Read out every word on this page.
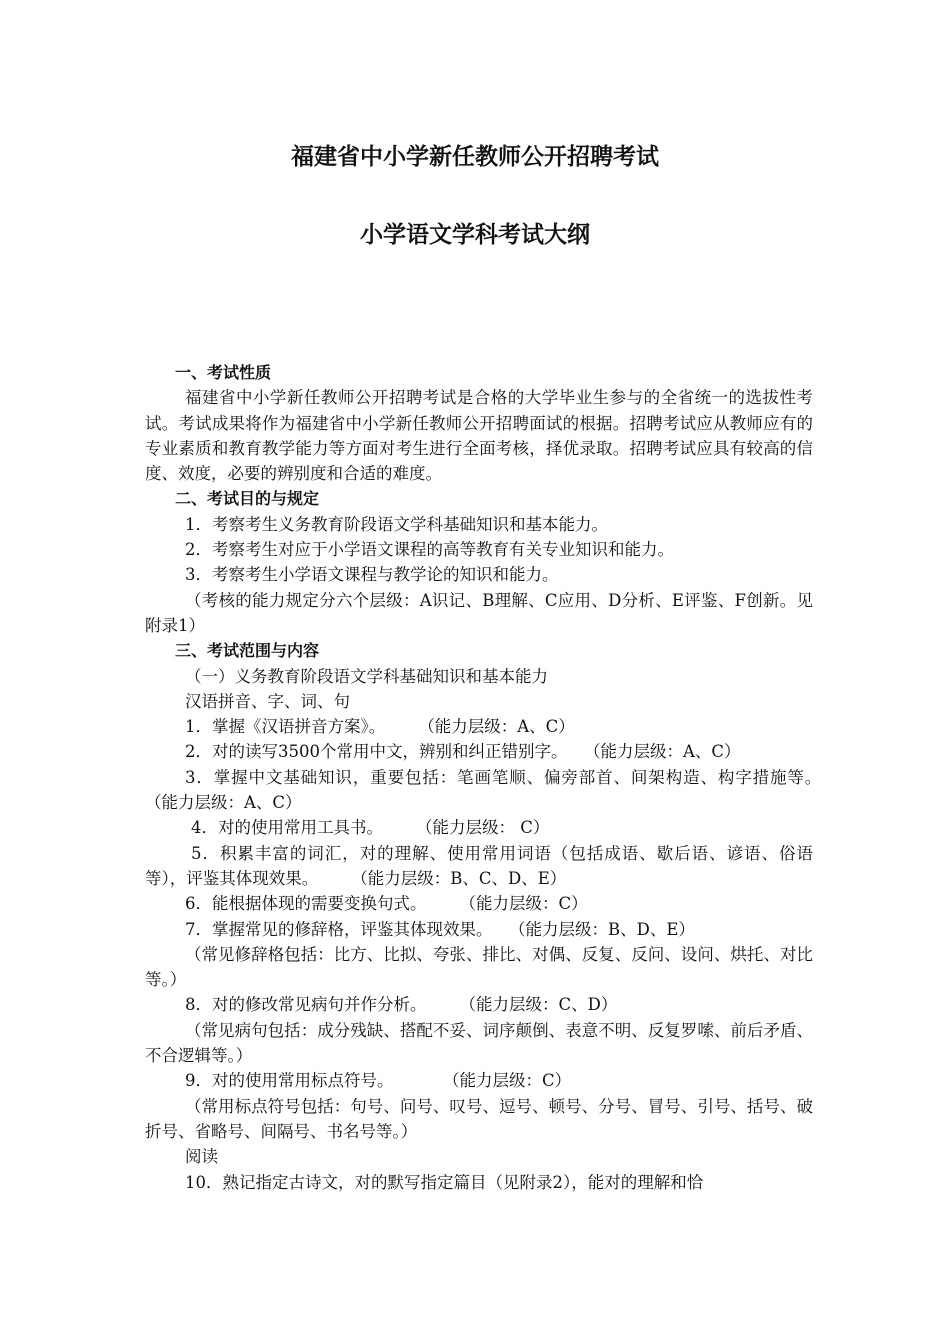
福建省中小学新任教师公开招聘考试
小学语文学科考试大纲

一、考试性质

福建省中小学新任教师公开招聘考试是合格的大学毕业生参与的全省统一的选拔性考试。考试成果将作为福建省中小学新任教师公开招聘面试的根据。招聘考试应从教师应有的专业素质和教育教学能力等方面对考生进行全面考核，择优录取。招聘考试应具有较高的信度、效度，必要的辨别度和合适的难度。

二、考试目的与规定

1．考察考生义务教育阶段语文学科基础知识和基本能力。

2．考察考生对应于小学语文课程的高等教育有关专业知识和能力。

3．考察考生小学语文课程与教学论的知识和能力。

（考核的能力规定分六个层级：A识记、B理解、C应用、D分析、E评鉴、F创新。见附录1）

三、考试范围与内容

（一）义务教育阶段语文学科基础知识和基本能力

汉语拼音、字、词、句

1．掌握《汉语拼音方案》。　　　（能力层级：A、C）

2．对的读写3500个常用中文，辨别和纠正错别字。　　（能力层级：A、C）

3．掌握中文基础知识，重要包括：笔画笔顺、偏旁部首、间架构造、构字措施等。　　（能力层级：A、C）

4．对的使用常用工具书。　　　（能力层级： C）

5．积累丰富的词汇，对的理解、使用常用词语（包括成语、歇后语、谚语、俗语等），评鉴其体现效果。　　　（能力层级：B、C、D、E）

6．能根据体现的需要变换句式。　　　（能力层级：C）

7．掌握常见的修辞格，评鉴其体现效果。　　（能力层级：B、D、E）

（常见修辞格包括：比方、比拟、夸张、排比、对偶、反复、反问、设问、烘托、对比等。）

8．对的修改常见病句并作分析。　　　（能力层级：C、D）

（常见病句包括：成分残缺、搭配不妥、词序颠倒、表意不明、反复罗嗦、前后矛盾、不合逻辑等。）

9．对的使用常用标点符号。　　　　（能力层级：C）

（常用标点符号包括：句号、问号、叹号、逗号、顿号、分号、冒号、引号、括号、破折号、省略号、间隔号、书名号等。）

阅读

10．熟记指定古诗文，对的默写指定篇目（见附录2），能对的理解和恰
